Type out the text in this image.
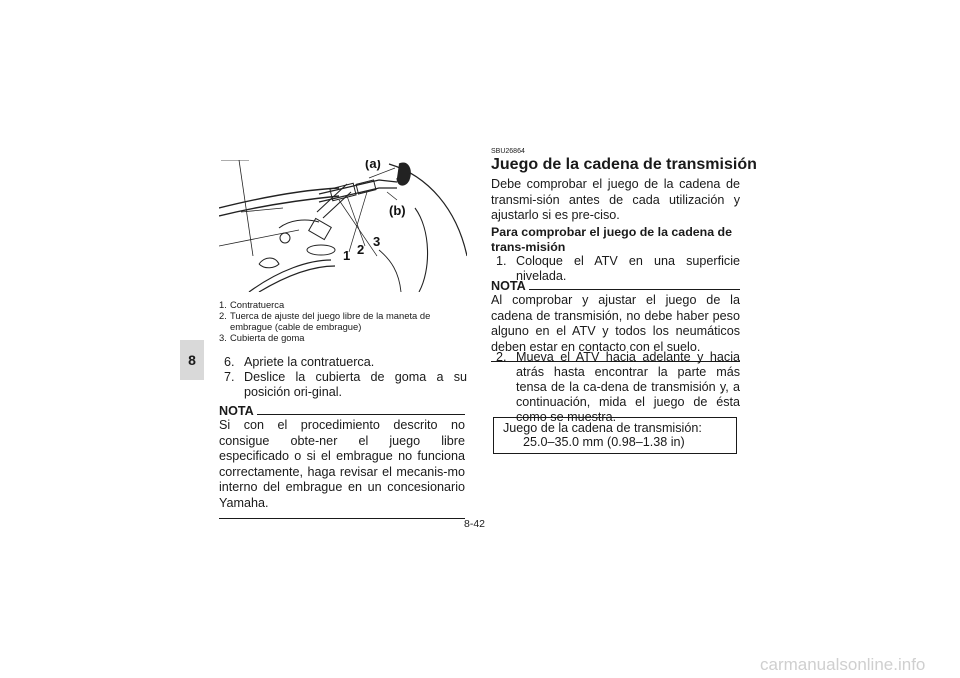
8
(a)
(b)
1 2
3
1. Contratuerca
2. Tuerca de ajuste del juego libre de la maneta de embrague (cable de embrague)
3. Cubierta de goma
6. Apriete la contratuerca.
7. Deslice la cubierta de goma a su posición ori-ginal.
NOTA
Si con el procedimiento descrito no consigue obte-ner el juego libre especificado o si el embrague no funciona correctamente, haga revisar el mecanis-mo interno del embrague en un concesionario Yamaha.
SBU26864
Juego de la cadena de transmisión
Debe comprobar el juego de la cadena de transmi-sión antes de cada utilización y ajustarlo si es pre-ciso.
Para comprobar el juego de la cadena de trans-misión
1. Coloque el ATV en una superficie nivelada.
NOTA
Al comprobar y ajustar el juego de la cadena de transmisión, no debe haber peso alguno en el ATV y todos los neumáticos deben estar en contacto con el suelo.
2. Mueva el ATV hacia adelante y hacia atrás hasta encontrar la parte más tensa de la ca-dena de transmisión y, a continuación, mida el juego de ésta como se muestra.
Juego de la cadena de transmisión:
25.0–35.0 mm (0.98–1.38 in)
8-42
carmanualsonline.info
